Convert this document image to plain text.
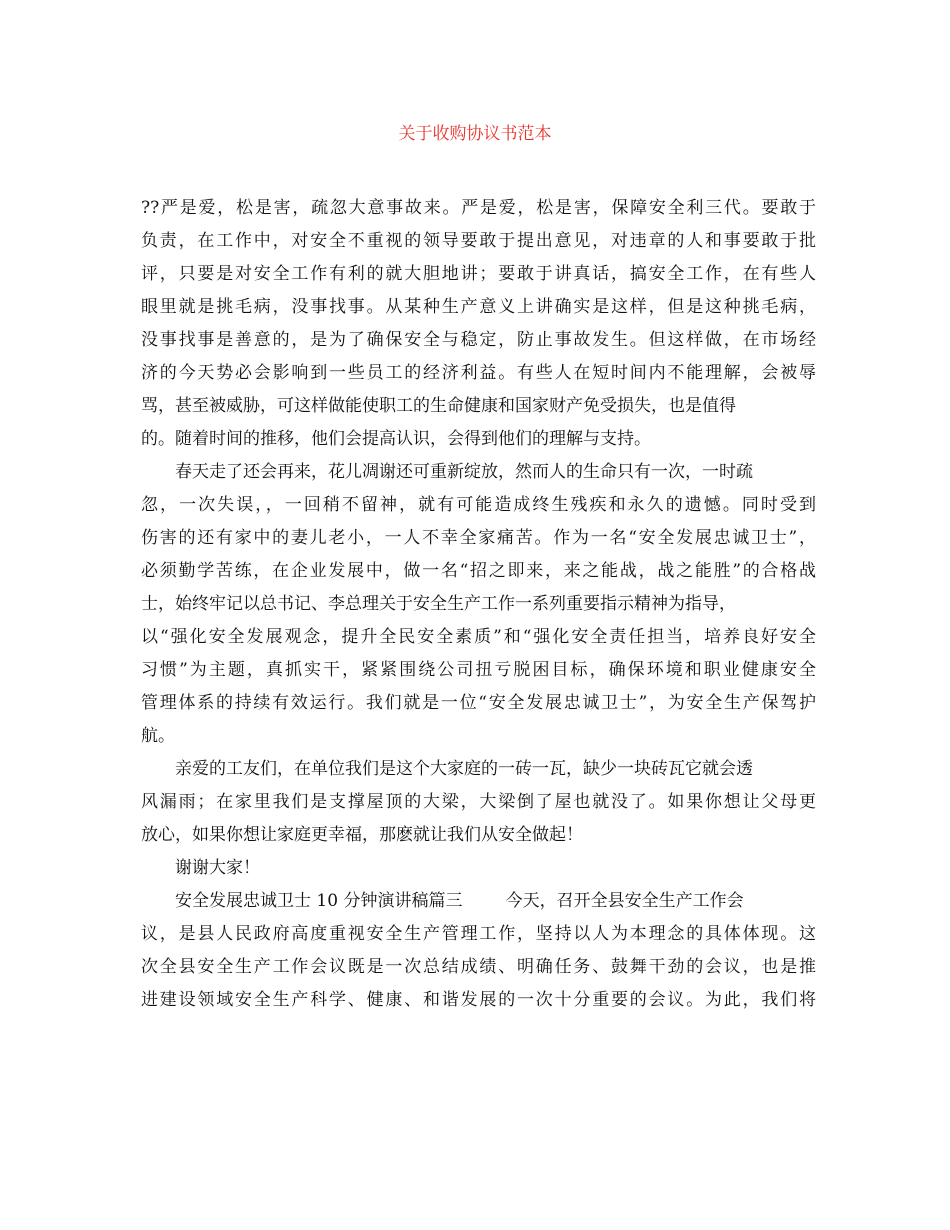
关于收购协议书范本
??严是爱，松是害，疏忽大意事故来。严是爱，松是害，保障安全利三代。要敢于
负责，在工作中，对安全不重视的领导要敢于提出意见，对违章的人和事要敢于批
评，只要是对安全工作有利的就大胆地讲；要敢于讲真话，搞安全工作，在有些人
眼里就是挑毛病，没事找事。从某种生产意义上讲确实是这样，但是这种挑毛病，
没事找事是善意的，是为了确保安全与稳定，防止事故发生。但这样做，在市场经
济的今天势必会影响到一些员工的经济利益。有些人在短时间内不能理解，会被辱
骂，甚至被威胁，可这样做能使职工的生命健康和国家财产免受损失，也是值得
的。随着时间的推移，他们会提高认识，会得到他们的理解与支持。
春天走了还会再来，花儿凋谢还可重新绽放，然而人的生命只有一次，一时疏
忽，一次失误，，一回稍不留神，就有可能造成终生残疾和永久的遗憾。同时受到
伤害的还有家中的妻儿老小，一人不幸全家痛苦。作为一名“安全发展忠诚卫士”，
必须勤学苦练，在企业发展中，做一名“招之即来，来之能战，战之能胜”的合格战
士，始终牢记以总书记、李总理关于安全生产工作一系列重要指示精神为指导，
以“强化安全发展观念，提升全民安全素质”和“强化安全责任担当，培养良好安全
习惯”为主题，真抓实干，紧紧围绕公司扭亏脱困目标，确保环境和职业健康安全
管理体系的持续有效运行。我们就是一位“安全发展忠诚卫士”，为安全生产保驾护
航。
亲爱的工友们，在单位我们是这个大家庭的一砖一瓦，缺少一块砖瓦它就会透
风漏雨；在家里我们是支撑屋顶的大梁，大梁倒了屋也就没了。如果你想让父母更
放心，如果你想让家庭更幸福，那麽就让我们从安全做起！
谢谢大家！
安全发展忠诚卫士 10 分钟演讲稿篇三        今天，召开全县安全生产工作会
议，是县人民政府高度重视安全生产管理工作，坚持以人为本理念的具体体现。这
次全县安全生产工作会议既是一次总结成绩、明确任务、鼓舞干劲的会议，也是推
进建设领域安全生产科学、健康、和谐发展的一次十分重要的会议。为此，我们将
